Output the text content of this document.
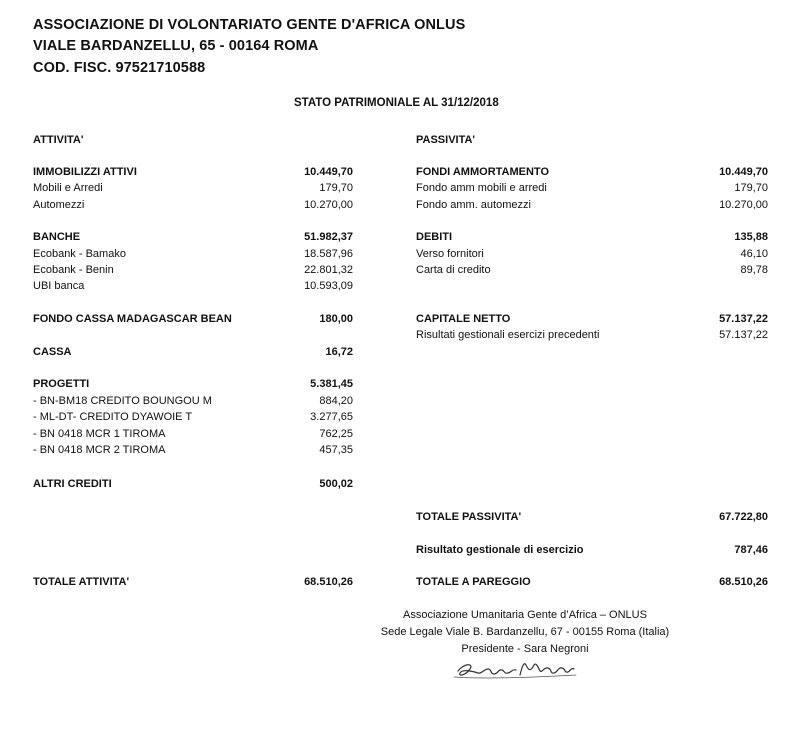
ASSOCIAZIONE DI VOLONTARIATO GENTE D'AFRICA ONLUS
VIALE BARDANZELLU, 65 - 00164 ROMA
COD. FISC. 97521710588
STATO PATRIMONIALE AL 31/12/2018
ATTIVITA'
IMMOBILIZZI ATTIVI	10.449,70
Mobili e Arredi	179,70
Automezzi	10.270,00
BANCHE	51.982,37
Ecobank - Bamako	18.587,96
Ecobank - Benin	22.801,32
UBI banca	10.593,09
FONDO CASSA MADAGASCAR BEAN	180,00
CASSA	16,72
PROGETTI	5.381,45
- BN-BM18 CREDITO BOUNGOU M	884,20
- ML-DT- CREDITO DYAWOIE T	3.277,65
- BN 0418 MCR 1 TIROMA	762,25
- BN 0418 MCR 2 TIROMA	457,35
ALTRI CREDITI	500,02
TOTALE ATTIVITA'	68.510,26
PASSIVITA'
FONDI AMMORTAMENTO	10.449,70
Fondo amm mobili e arredi	179,70
Fondo amm. automezzi	10.270,00
DEBITI	135,88
Verso fornitori	46,10
Carta di credito	89,78
CAPITALE NETTO	57.137,22
Risultati gestionali esercizi precedenti	57.137,22
TOTALE PASSIVITA'	67.722,80
Risultato gestionale di esercizio	787,46
TOTALE A PAREGGIO	68.510,26
Associazione Umanitaria Gente d’Africa – ONLUS
Sede Legale Viale B. Bardanzellu, 67 - 00155 Roma (Italia)
Presidente - Sara Negroni
